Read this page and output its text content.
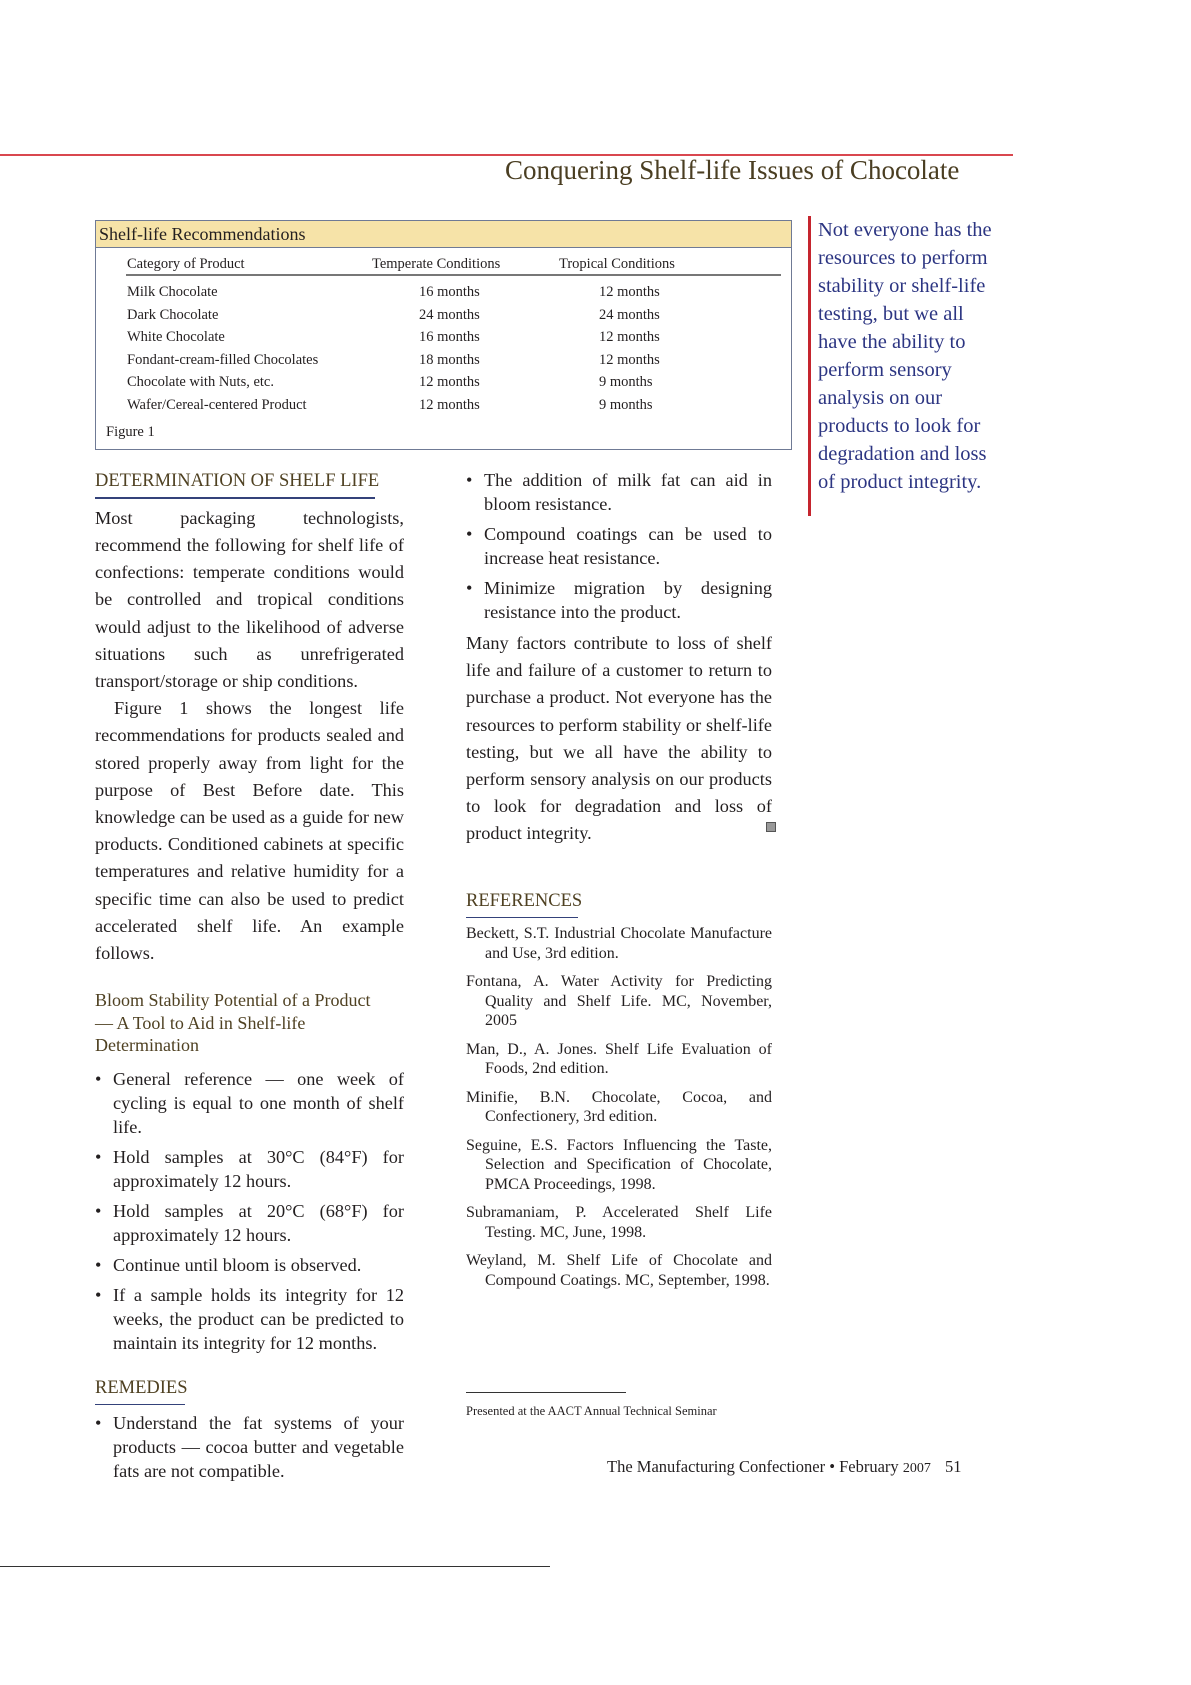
Conquering Shelf-life Issues of Chocolate
Shelf-life Recommendations
Category of Product	Temperate Conditions	Tropical Conditions
Milk Chocolate	16 months	12 months
Dark Chocolate	24 months	24 months
White Chocolate	16 months	12 months
Fondant-cream-filled Chocolates	18 months	12 months
Chocolate with Nuts, etc.	12 months	9 months
Wafer/Cereal-centered Product	12 months	9 months
Figure 1
DETERMINATION OF SHELF LIFE
Most packaging technologists, recommend the following for shelf life of confections: temperate conditions would be controlled and tropical conditions would adjust to the likelihood of adverse situations such as unrefrigerated transport/storage or ship conditions.
Figure 1 shows the longest life recommendations for products sealed and stored properly away from light for the purpose of Best Before date. This knowledge can be used as a guide for new products. Conditioned cabinets at specific temperatures and relative humidity for a specific time can also be used to predict accelerated shelf life. An example follows.
Bloom Stability Potential of a Product — A Tool to Aid in Shelf-life Determination
• General reference — one week of cycling is equal to one month of shelf life.
• Hold samples at 30°C (84°F) for approximately 12 hours.
• Hold samples at 20°C (68°F) for approximately 12 hours.
• Continue until bloom is observed.
• If a sample holds its integrity for 12 weeks, the product can be predicted to maintain its integrity for 12 months.
REMEDIES
• Understand the fat systems of your products — cocoa butter and vegetable fats are not compatible.
• The addition of milk fat can aid in bloom resistance.
• Compound coatings can be used to increase heat resistance.
• Minimize migration by designing resistance into the product.
Many factors contribute to loss of shelf life and failure of a customer to return to purchase a product. Not everyone has the resources to perform stability or shelf-life testing, but we all have the ability to perform sensory analysis on our products to look for degradation and loss of product integrity.
REFERENCES
Beckett, S.T. Industrial Chocolate Manufacture and Use, 3rd edition.
Fontana, A. Water Activity for Predicting Quality and Shelf Life. MC, November, 2005
Man, D., A. Jones. Shelf Life Evaluation of Foods, 2nd edition.
Minifie, B.N. Chocolate, Cocoa, and Confectionery, 3rd edition.
Seguine, E.S. Factors Influencing the Taste, Selection and Specification of Chocolate, PMCA Proceedings, 1998.
Subramaniam, P. Accelerated Shelf Life Testing. MC, June, 1998.
Weyland, M. Shelf Life of Chocolate and Compound Coatings. MC, September, 1998.
Presented at the AACT Annual Technical Seminar
Not everyone has the resources to perform stability or shelf-life testing, but we all have the ability to perform sensory analysis on our products to look for degradation and loss of product integrity.
The Manufacturing Confectioner • February 2007 51
